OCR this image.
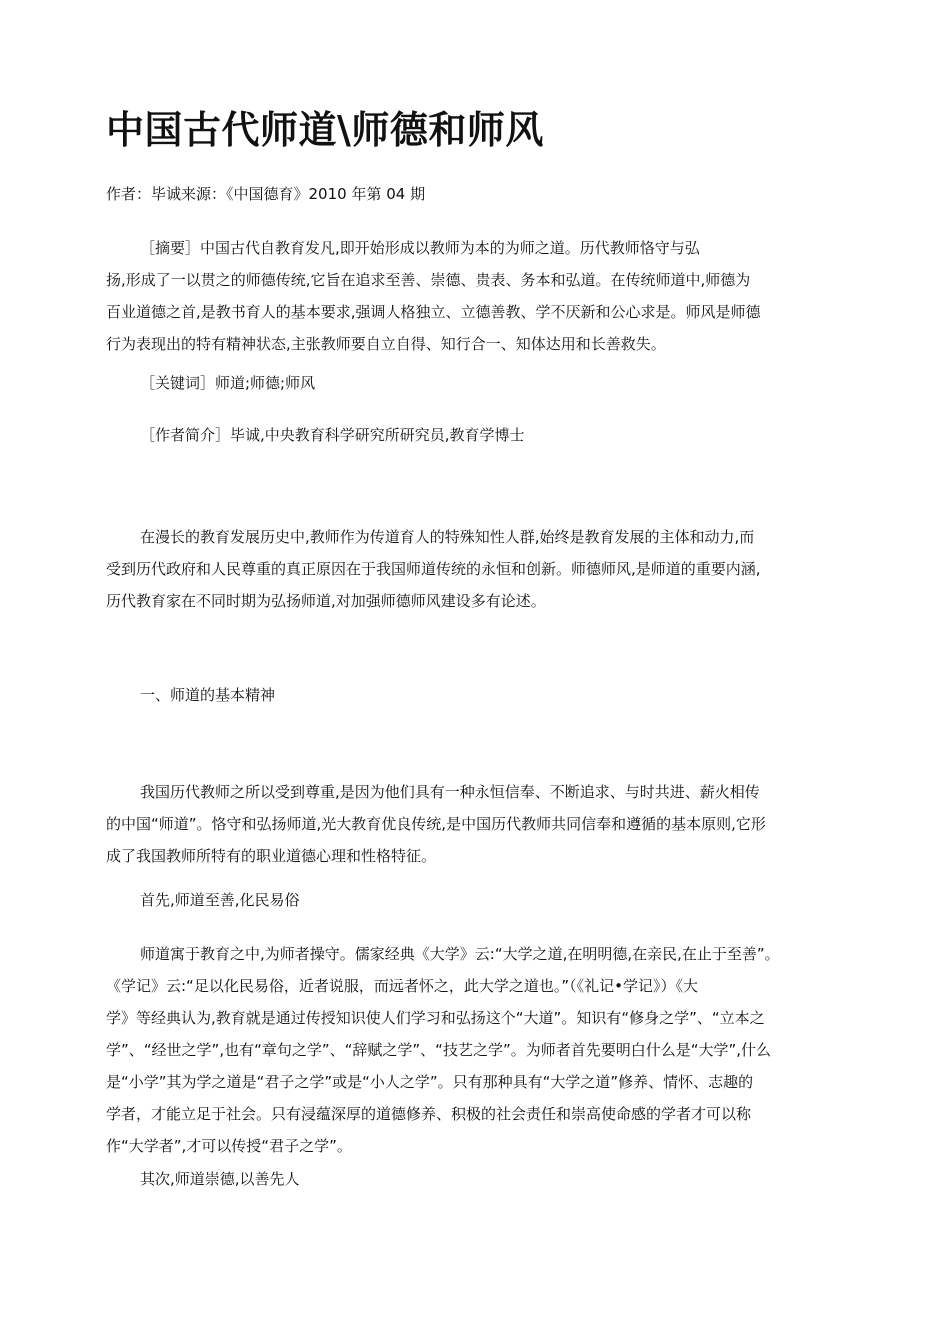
中国古代师道\师德和师风
作者：毕诚来源：《中国德育》2010 年第 04 期
［摘要］中国古代自教育发凡,即开始形成以教师为本的为师之道。历代教师恪守与弘
扬,形成了一以贯之的师德传统,它旨在追求至善、崇德、贵表、务本和弘道。在传统师道中,师德为
百业道德之首,是教书育人的基本要求,强调人格独立、立德善教、学不厌新和公心求是。师风是师德
行为表现出的特有精神状态,主张教师要自立自得、知行合一、知体达用和长善救失。
［关键词］师道;师德;师风
［作者简介］毕诚,中央教育科学研究所研究员,教育学博士
在漫长的教育发展历史中,教师作为传道育人的特殊知性人群,始终是教育发展的主体和动力,而
受到历代政府和人民尊重的真正原因在于我国师道传统的永恒和创新。师德师风,是师道的重要内涵,
历代教育家在不同时期为弘扬师道,对加强师德师风建设多有论述。
一、师道的基本精神
我国历代教师之所以受到尊重,是因为他们具有一种永恒信奉、不断追求、与时共进、薪火相传
的中国“师道”。恪守和弘扬师道,光大教育优良传统,是中国历代教师共同信奉和遵循的基本原则,它形
成了我国教师所特有的职业道德心理和性格特征。
首先,师道至善,化民易俗
师道寓于教育之中,为师者操守。儒家经典《大学》云:“大学之道,在明明德,在亲民,在止于至善”。
《学记》云:“足以化民易俗，近者说服，而远者怀之，此大学之道也。”（《礼记•学记》）《大
学》等经典认为,教育就是通过传授知识使人们学习和弘扬这个“大道”。知识有“修身之学”、“立本之
学”、“经世之学”,也有“章句之学”、“辞赋之学”、“技艺之学”。为师者首先要明白什么是“大学”,什么
是“小学”其为学之道是“君子之学”或是“小人之学”。只有那种具有“大学之道”修养、情怀、志趣的
学者，才能立足于社会。只有浸蕴深厚的道德修养、积极的社会责任和崇高使命感的学者才可以称
作“大学者”,才可以传授“君子之学”。
其次,师道崇德,以善先人
